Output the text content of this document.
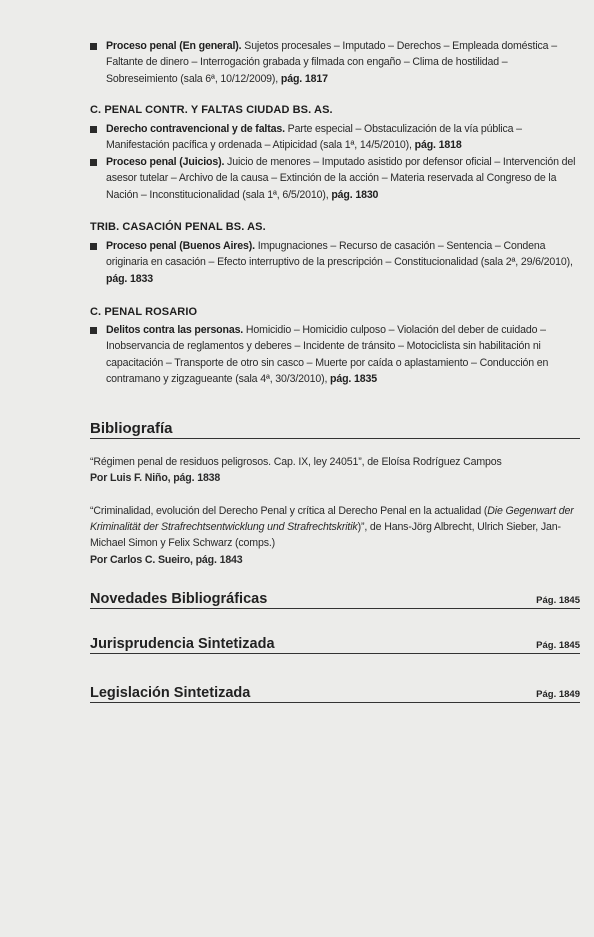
Proceso penal (En general). Sujetos procesales – Imputado – Derechos – Empleada doméstica – Faltante de dinero – Interrogación grabada y filmada con engaño – Clima de hostilidad – Sobreseimiento (sala 6ª, 10/12/2009), pág. 1817
C. PENAL CONTR. Y FALTAS CIUDAD BS. AS.
Derecho contravencional y de faltas. Parte especial – Obstaculización de la vía pública – Manifestación pacífica y ordenada – Atipicidad (sala 1ª, 14/5/2010), pág. 1818
Proceso penal (Juicios). Juicio de menores – Imputado asistido por defensor oficial – Intervención del asesor tutelar – Archivo de la causa – Extinción de la acción – Materia reservada al Congreso de la Nación – Inconstitucionalidad (sala 1ª, 6/5/2010), pág. 1830
TRIB. CASACIÓN PENAL BS. AS.
Proceso penal (Buenos Aires). Impugnaciones – Recurso de casación – Sentencia – Condena originaria en casación – Efecto interruptivo de la prescripción – Constitucionalidad (sala 2ª, 29/6/2010), pág. 1833
C. PENAL ROSARIO
Delitos contra las personas. Homicidio – Homicidio culposo – Violación del deber de cuidado – Inobservancia de reglamentos y deberes – Incidente de tránsito – Motociclista sin habilitación ni capacitación – Transporte de otro sin casco – Muerte por caída o aplastamiento – Conducción en contramano y zigzagueante (sala 4ª, 30/3/2010), pág. 1835
Bibliografía
“Régimen penal de residuos peligrosos. Cap. IX, ley 24051”, de Eloísa Rodríguez Campos
Por Luis F. Niño, pág. 1838
“Criminalidad, evolución del Derecho Penal y crítica al Derecho Penal en la actualidad (Die Gegenwart der Kriminalität der Strafrechtsentwicklung und Strafrechtskritik)”, de Hans-Jörg Albrecht, Ulrich Sieber, Jan-Michael Simon y Felix Schwarz (comps.)
Por Carlos C. Sueiro, pág. 1843
Novedades Bibliográficas	Pág. 1845
Jurisprudencia Sintetizada	Pág. 1845
Legislación Sintetizada	Pág. 1849
